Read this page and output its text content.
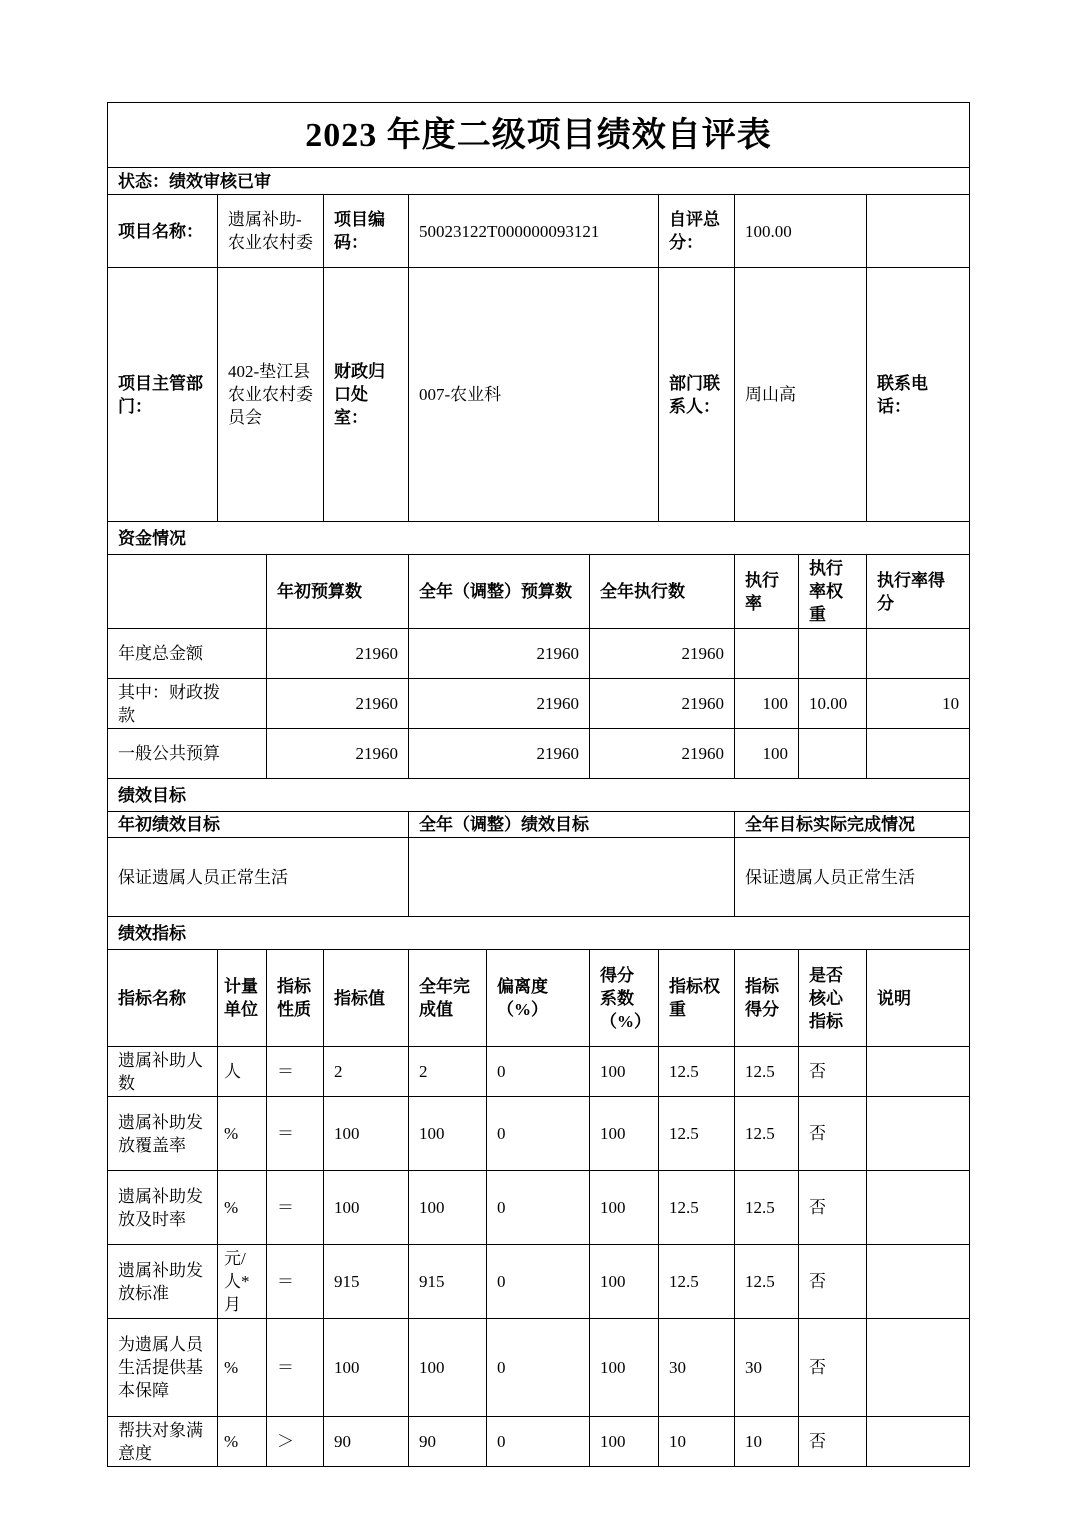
2023 年度二级项目绩效自评表											
状态：绩效审核已审											
项目名称：	遗属补助-农业农村委		项目编码：	50023122T000000093121			自评总分：	100.00			
项目主管部门：	402-垫江县农业农村委员会		财政归口处室：	007-农业科			部门联系人：	周山高		联系电话：	
资金情况											
		年初预算数		全年（调整）预算数		全年执行数		执行率	执行率权重	执行率得分	
年度总金额		21960		21960		21960					
其中：财政拨款		21960		21960		21960		100	10.00	10	
一般公共预算		21960		21960		21960		100			
绩效目标											
年初绩效目标				全年（调整）绩效目标				全年目标实际完成情况			
保证遗属人员正常生活								保证遗属人员正常生活			
绩效指标											
指标名称	计量单位	指标性质	指标值	全年完成值	偏离度（%）	得分系数（%）	指标权重	指标得分	是否核心指标	说明	
遗属补助人数	人	＝	2	2	0	100	12.5	12.5	否		
遗属补助发放覆盖率	%	＝	100	100	0	100	12.5	12.5	否		
遗属补助发放及时率	%	＝	100	100	0	100	12.5	12.5	否		
遗属补助发放标准	元/人*月	＝	915	915	0	100	12.5	12.5	否		
为遗属人员生活提供基本保障	%	＝	100	100	0	100	30	30	否		
帮扶对象满意度	%	＞	90	90	0	100	10	10	否		
